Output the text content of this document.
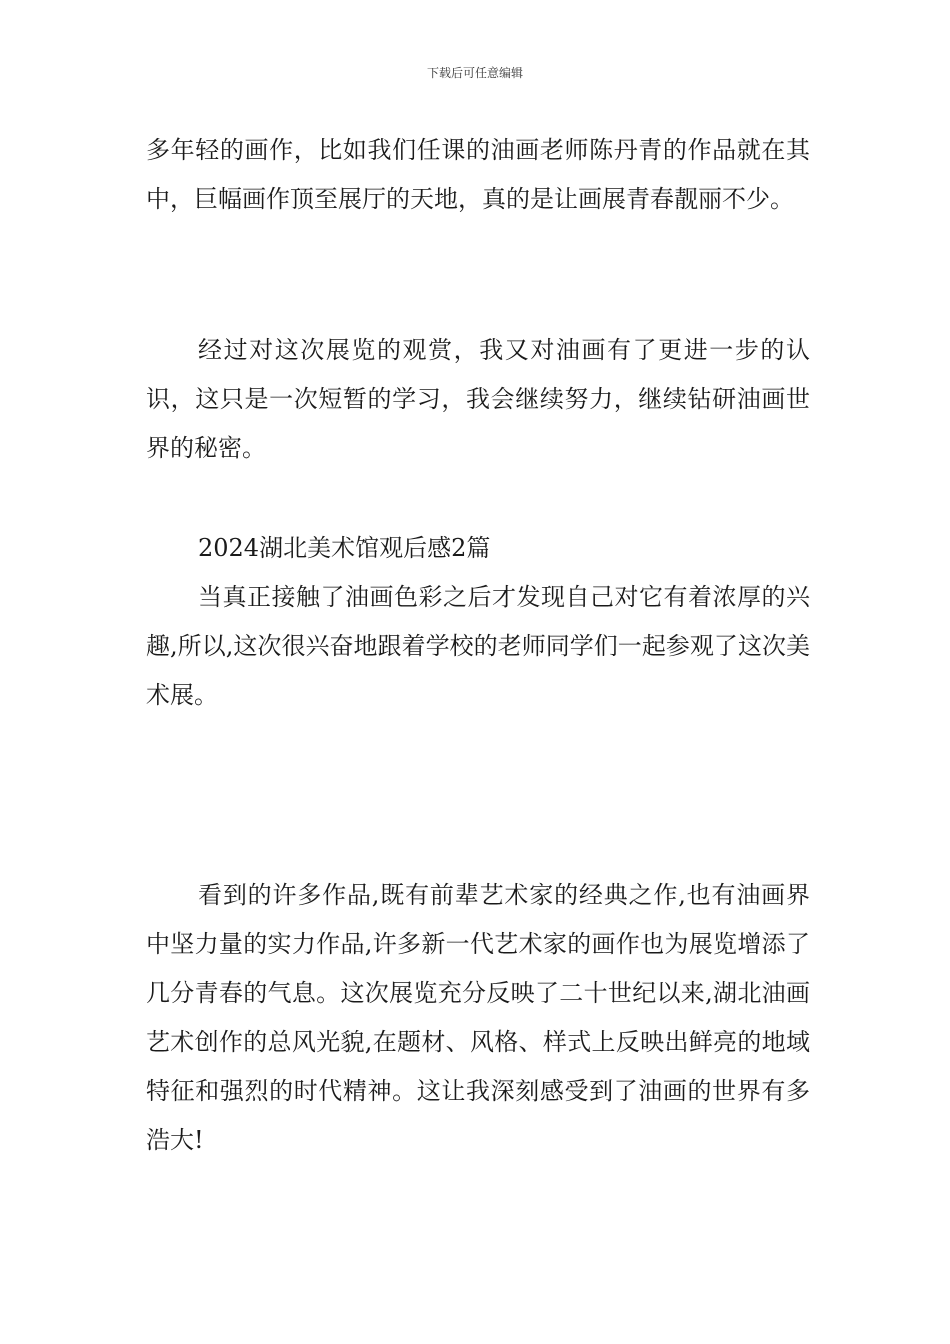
下载后可任意编辑

多年轻的画作，比如我们任课的油画老师陈丹青的作品就在其中，巨幅画作顶至展厅的天地，真的是让画展青春靓丽不少。

经过对这次展览的观赏，我又对油画有了更进一步的认识，这只是一次短暂的学习，我会继续努力，继续钻研油画世界的秘密。

2024湖北美术馆观后感2篇
当真正接触了油画色彩之后才发现自己对它有着浓厚的兴趣,所以,这次很兴奋地跟着学校的老师同学们一起参观了这次美术展。

看到的许多作品,既有前辈艺术家的经典之作,也有油画界中坚力量的实力作品,许多新一代艺术家的画作也为展览增添了几分青春的气息。这次展览充分反映了二十世纪以来,湖北油画艺术创作的总风光貌,在题材、风格、样式上反映出鲜亮的地域特征和强烈的时代精神。这让我深刻感受到了油画的世界有多浩大!
